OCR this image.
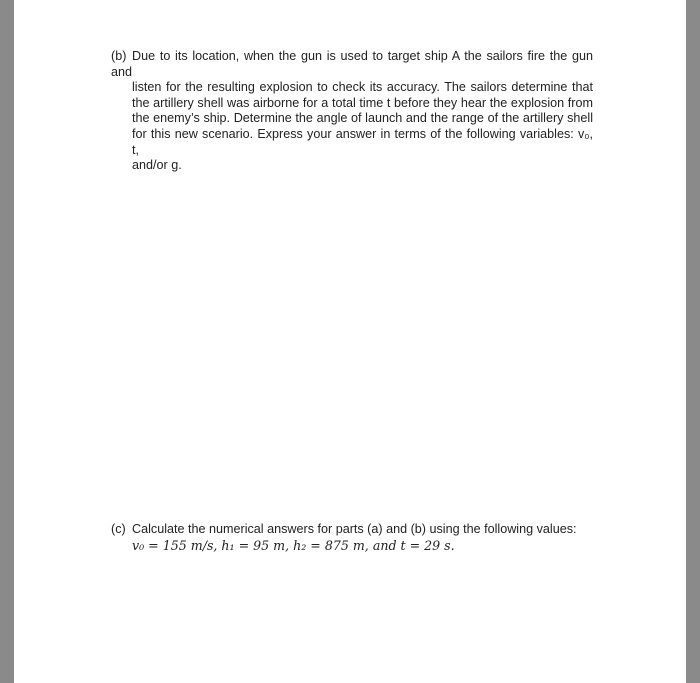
(b) Due to its location, when the gun is used to target ship A the sailors fire the gun and
listen for the resulting explosion to check its accuracy. The sailors determine that the artillery shell was airborne for a total time t before they hear the explosion from the enemy’s ship. Determine the angle of launch and the range of the artillery shell for this new scenario. Express your answer in terms of the following variables: v₀, t,
and/or g.
(c) Calculate the numerical answers for parts (a) and (b) using the following values:
v₀ = 155 m/s, h₁ = 95 m, h₂ = 875 m, and t = 29 s.
